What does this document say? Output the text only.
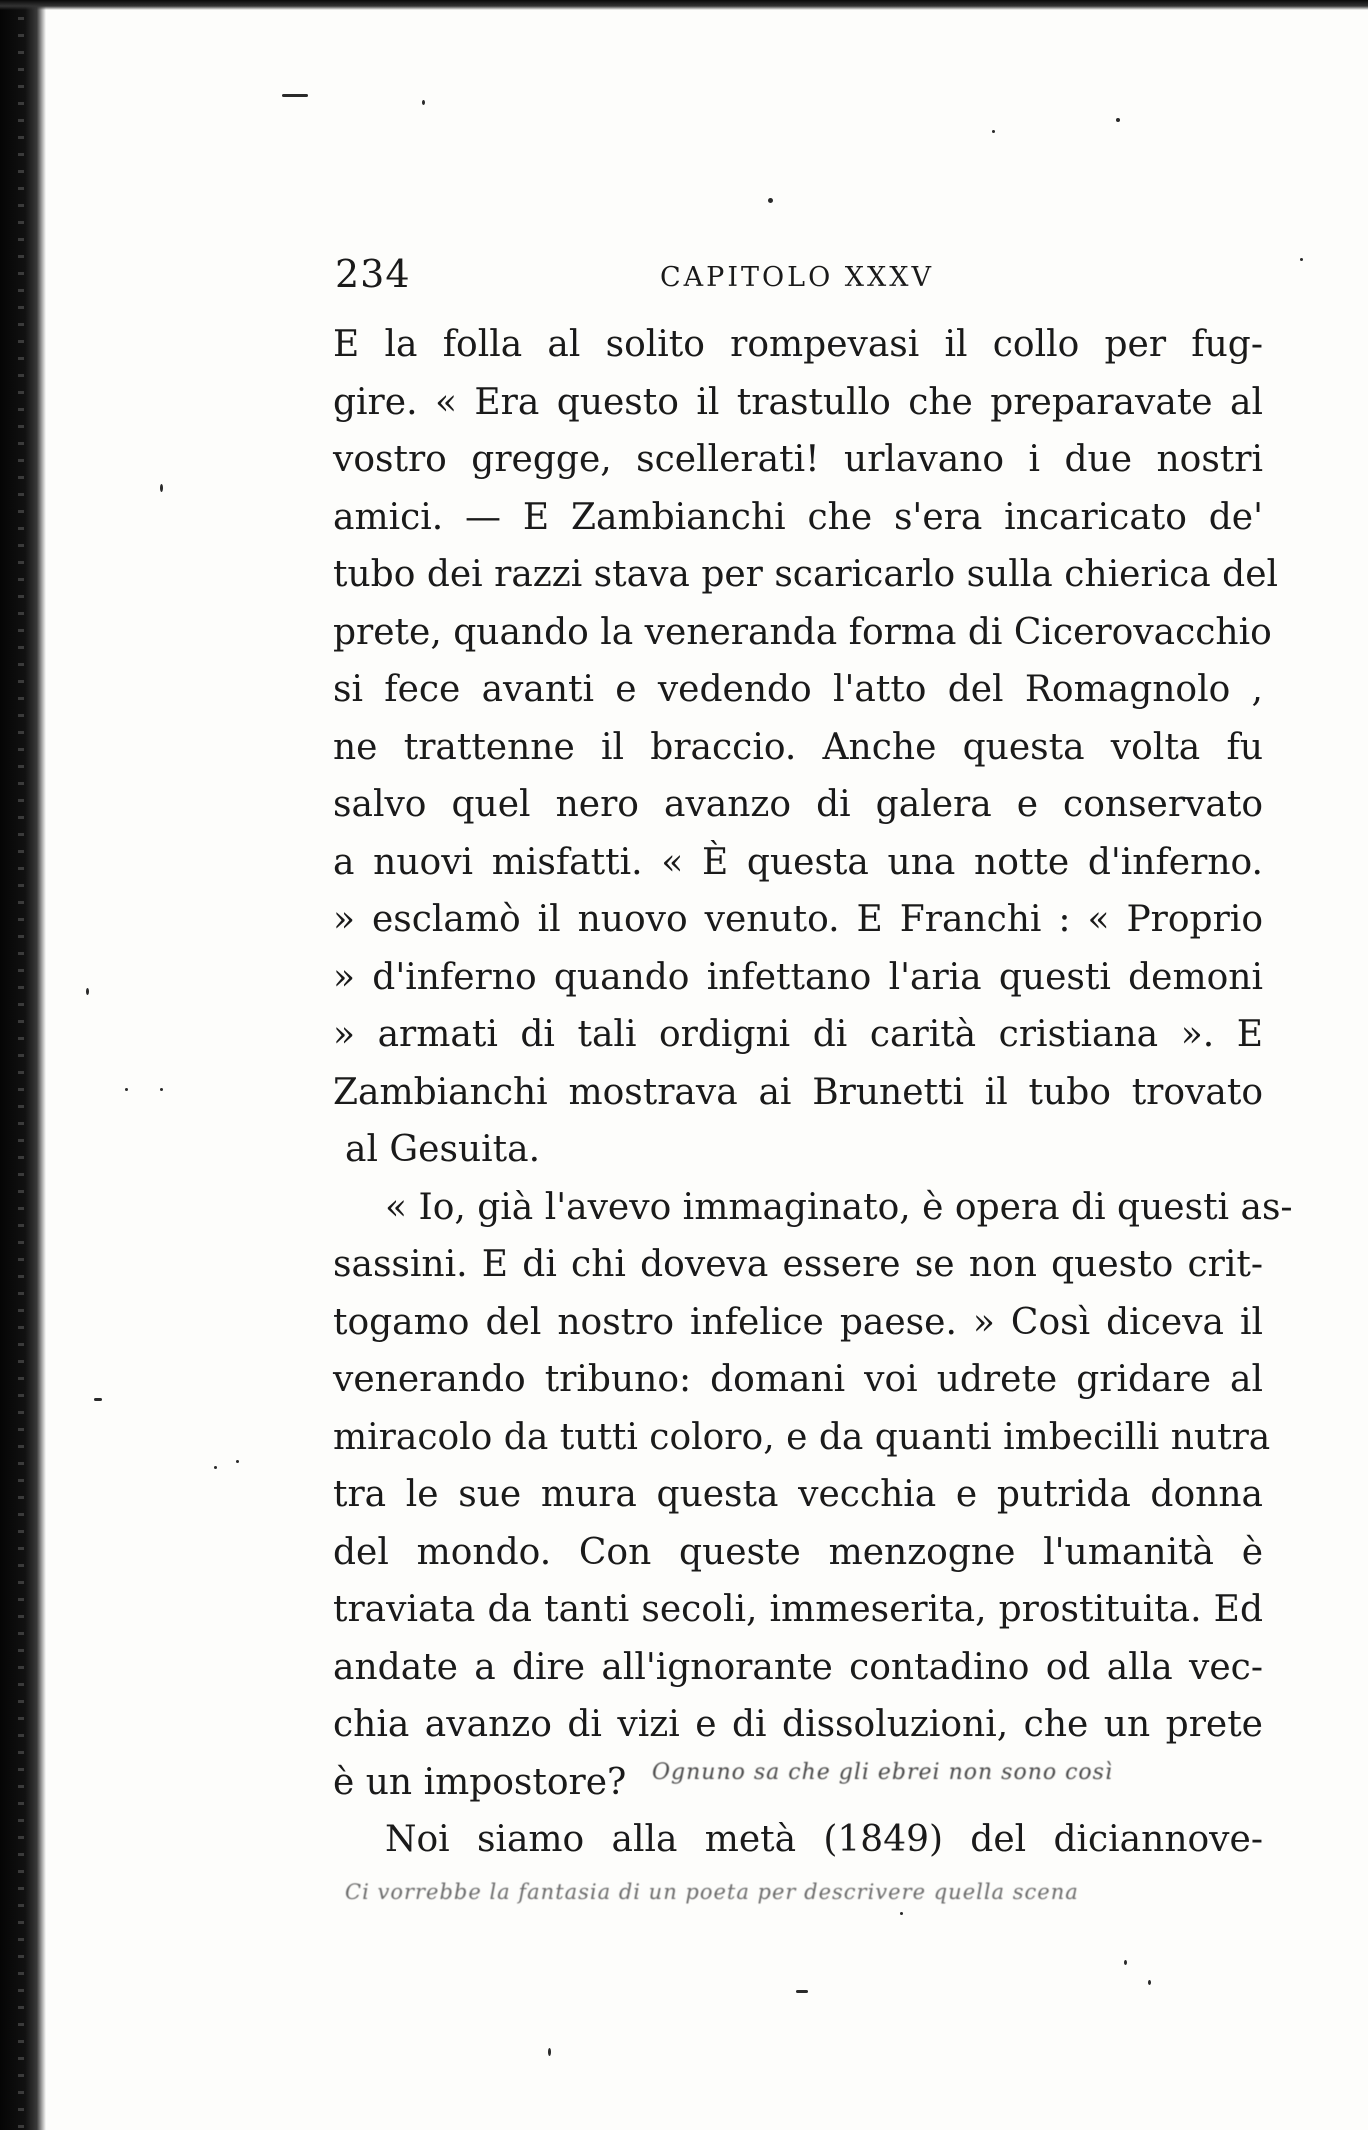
234	CAPITOLO XXXV
E la folla al solito rompevasi il collo per fug-
gire. « Era questo il trastullo che preparavate al
vostro gregge, scellerati! urlavano i due nostri
amici. — E Zambianchi che s'era incaricato de'
tubo dei razzi stava per scaricarlo sulla chierica del
prete, quando la veneranda forma di Cicerovacchio
si fece avanti e vedendo l'atto del Romagnolo ,
ne trattenne il braccio. Anche questa volta fu
salvo quel nero avanzo di galera e conservato
a nuovi misfatti. « È questa una notte d'inferno.
» esclamò il nuovo venuto. E Franchi : « Proprio
» d'inferno quando infettano l'aria questi demoni
» armati di tali ordigni di carità cristiana ». E
Zambianchi mostrava ai Brunetti il tubo trovato
al Gesuita.
« Io, già l'avevo immaginato, è opera di questi as-
sassini. E di chi doveva essere se non questo crit-
togamo del nostro infelice paese. » Così diceva il
venerando tribuno: domani voi udrete gridare al
miracolo da tutti coloro, e da quanti imbecilli nutra
tra le sue mura questa vecchia e putrida donna
del mondo. Con queste menzogne l'umanità è
traviata da tanti secoli, immeserita, prostituita. Ed
andate a dire all'ignorante contadino od alla vec-
chia avanzo di vizi e di dissoluzioni, che un prete
è un impostore?
Noi siamo alla metà (1849) del diciannove-
Ognuno sa che gli ebrei non sono così
Ci vorrebbe la fantasia di un poeta per descrivere quella scena
